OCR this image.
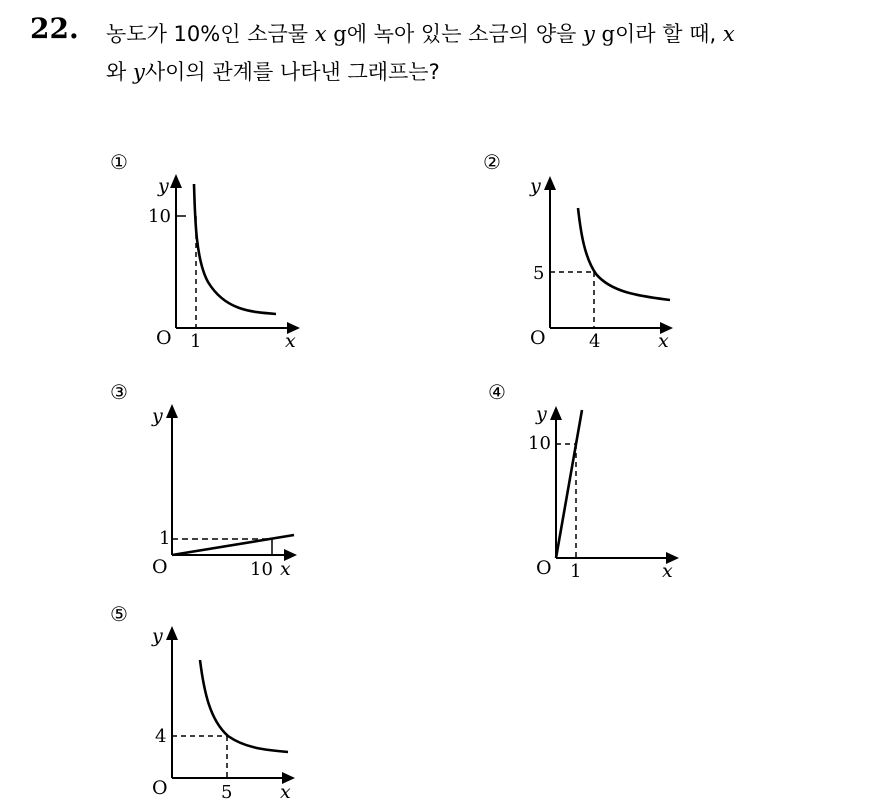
22. 농도가 10%인 소금물 x g에 녹아 있는 소금의 양을 y g이라 할 때, x
와 y사이의 관계를 나타낸 그래프는?
①
y
x
O
10
1
②
y
x
O
5
4
③
y
x
O
1
10
④
y
x
O
10
1
⑤
y
x
O
4
5
